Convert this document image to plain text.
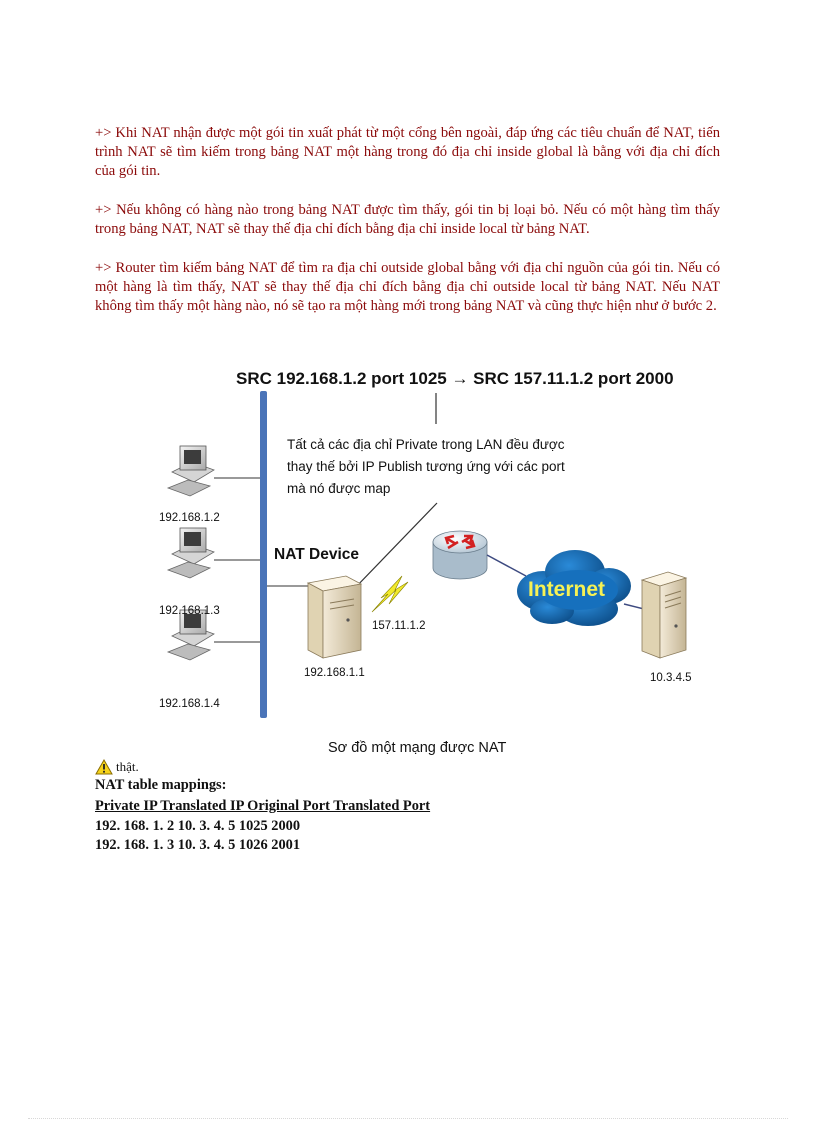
+> Khi NAT nhận được một gói tin xuất phát từ một cổng bên ngoài, đáp ứng các tiêu chuẩn để NAT, tiến trình NAT sẽ tìm kiếm trong bảng NAT một hàng trong đó địa chỉ inside global là bằng với địa chỉ đích của gói tin.

+> Nếu không có hàng nào trong bảng NAT được tìm thấy, gói tin bị loại bỏ. Nếu có một hàng tìm thấy trong bảng NAT, NAT sẽ thay thế địa chỉ đích bằng địa chỉ inside local từ bảng NAT.

+> Router tìm kiếm bảng NAT để tìm ra địa chỉ outside global bằng với địa chỉ nguồn của gói tin. Nếu có một hàng là tìm thấy, NAT sẽ thay thế địa chỉ đích bằng địa chỉ outside local từ bảng NAT. Nếu NAT không tìm thấy một hàng nào, nó sẽ tạo ra một hàng mới trong bảng NAT và cũng thực hiện như ở bước 2.

SRC 192.168.1.2 port 1025 → SRC 157.11.1.2 port 2000
192.168.1.2
192.168.1.3
192.168.1.4
Tất cả các địa chỉ Private trong LAN đều được
thay thế bởi IP Publish tương ứng với các port
mà nó được map
NAT Device
192.168.1.1
157.11.1.2
Internet
10.3.4.5
Sơ đồ một mạng được NAT
thật.
NAT table mappings:
Private IP Translated IP Original Port Translated Port
192. 168. 1. 2 10. 3. 4. 5 1025 2000
192. 168. 1. 3 10. 3. 4. 5 1026 2001
